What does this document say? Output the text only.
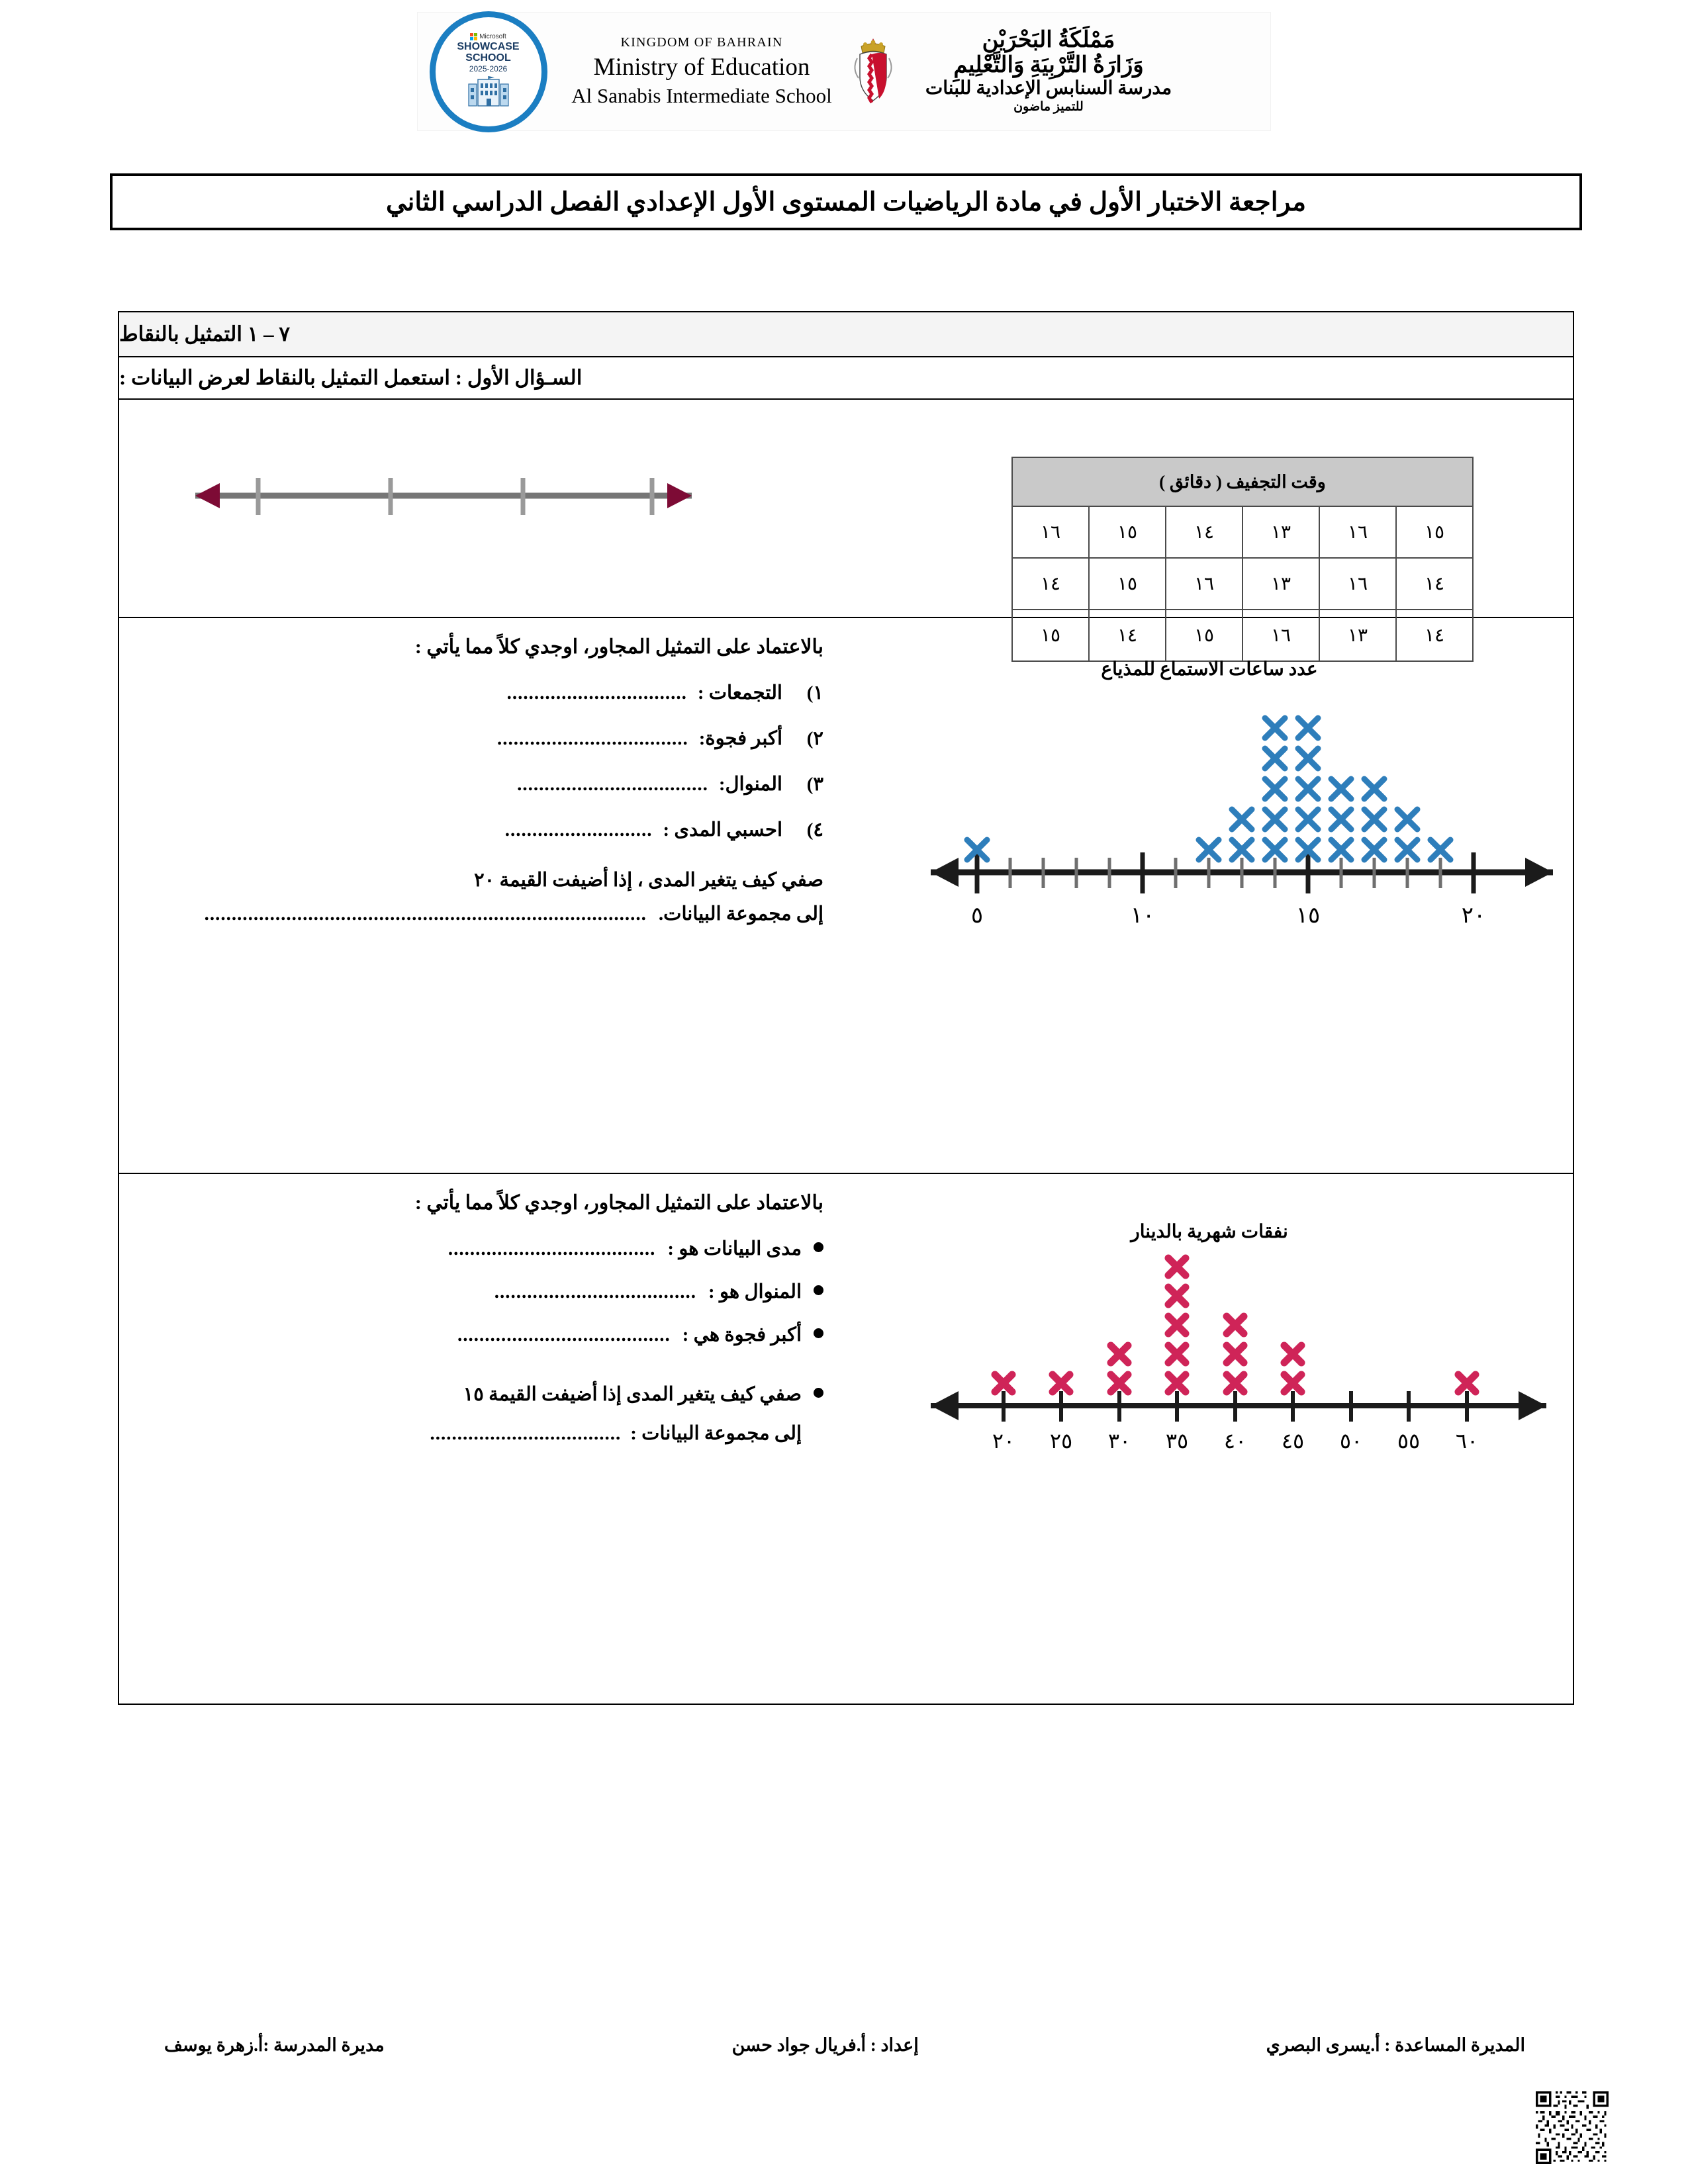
Microsoft
SHOWCASE
SCHOOL
2025-2026
KINGDOM OF BAHRAIN
Ministry of Education
Al Sanabis Intermediate School
مَمْلَكَةُ البَحْرَيْنِ
وَزَارَةُ التَّرْبِيَةِ وَالتَّعْلِيمِ
مدرسة السنابس الإعدادية للبنات
للتميز ماضون
مراجعة الاختبار الأول في مادة الرياضيات المستوى الأول الإعدادي الفصل الدراسي الثاني
٧ – ١ التمثيل بالنقاط
السـؤال الأول : استعمل التمثيل بالنقاط لعرض البيانات :
وقت التجفيف ( دقائق )					
١٥	١٦	١٣	١٤	١٥	١٦
١٤	١٦	١٣	١٦	١٥	١٤
١٤	١٣	١٦	١٥	١٤	١٥
عدد ساعات الاستماع للمذياع
٥	١٠	١٥	٢٠
بالاعتماد على التمثيل المجاور، اوجدي كلاً مما يأتي :
١)
التجمعات :
.................................
٢)
أكبر فجوة:
...................................
٣)
المنوال:
...................................
٤)
احسبي المدى :
...........................
صفي كيف يتغير المدى ، إذا أضيفت القيمة ٢٠
إلى مجموعة البيانات.
.................................................................................
نفقات شهرية بالدينار
٢٠ ٢٥ ٣٠ ٣٥ ٤٠ ٤٥ ٥٠ ٥٥ ٦٠
بالاعتماد على التمثيل المجاور، اوجدي كلاً مما يأتي :
مدى البيانات هو :
......................................
المنوال هو :
.....................................
أكبر فجوة هي :
.......................................
صفي كيف يتغير المدى إذا أضيفت القيمة ١٥
إلى مجموعة البيانات :
...................................
المديرة المساعدة : أ.يسرى البصري
إعداد : أ.فريال جواد حسن
مديرة المدرسة :أ.زهرة يوسف
